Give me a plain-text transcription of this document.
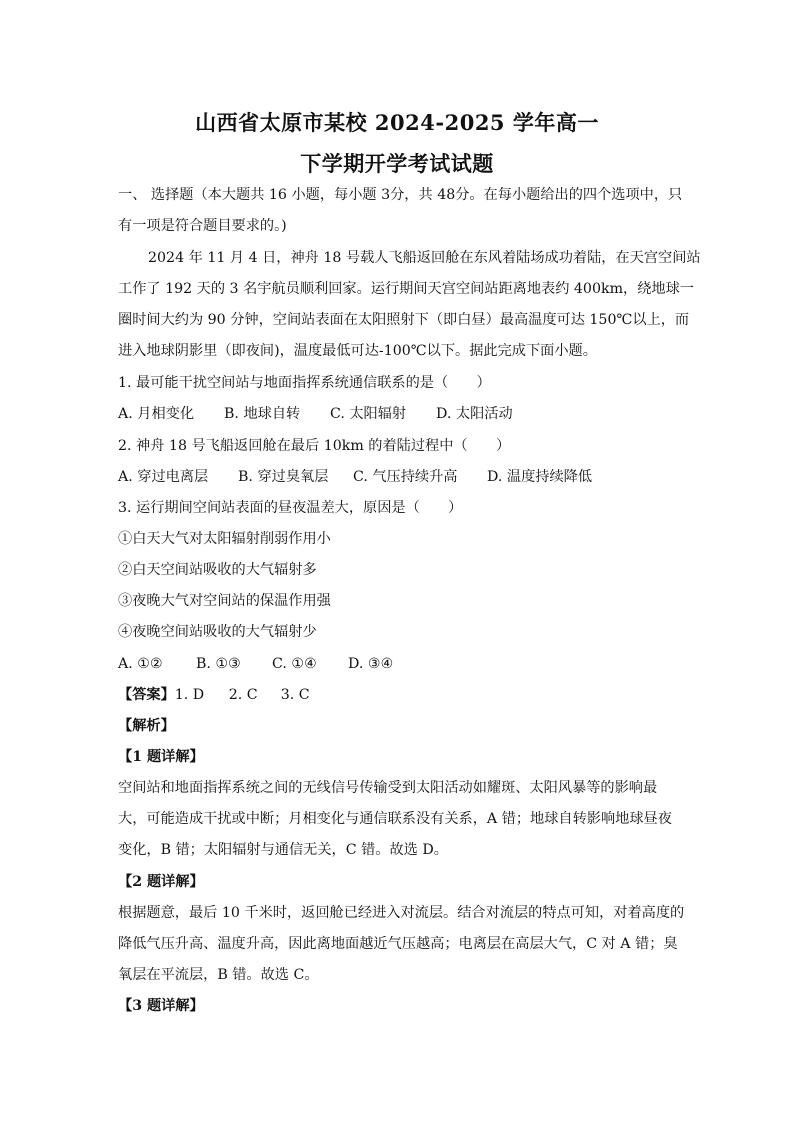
山西省太原市某校 2024-2025 学年高一
下学期开学考试试题
一、 选择题（本大题共 16 小题，每小题 3分，共 48分。在每小题给出的四个选项中，只
有一项是符合题目要求的。)
2024 年 11 月 4 日，神舟 18 号载人飞船返回舱在东风着陆场成功着陆，在天宫空间站
工作了 192 天的 3 名宇航员顺利回家。运行期间天宫空间站距离地表约 400km，绕地球一
圈时间大约为 90 分钟，空间站表面在太阳照射下（即白昼）最高温度可达 150℃以上，而
进入地球阴影里（即夜间)，温度最低可达-100℃以下。据此完成下面小题。
1. 最可能干扰空间站与地面指挥系统通信联系的是（　　）
A. 月相变化 B. 地球自转 C. 太阳辐射 D. 太阳活动
2. 神舟 18 号飞船返回舱在最后 10km 的着陆过程中（　　）
A. 穿过电离层 B. 穿过臭氧层 C. 气压持续升高 D. 温度持续降低
3. 运行期间空间站表面的昼夜温差大，原因是（　　）
①白天大气对太阳辐射削弱作用小
②白天空间站吸收的大气辐射多
③夜晚大气对空间站的保温作用强
④夜晚空间站吸收的大气辐射少
A. ①② B. ①③ C. ①④ D. ③④
【答案】1. D 2. C 3. C
【解析】
【1 题详解】
空间站和地面指挥系统之间的无线信号传输受到太阳活动如耀斑、太阳风暴等的影响最
大，可能造成干扰或中断；月相变化与通信联系没有关系，A 错；地球自转影响地球昼夜
变化，B 错；太阳辐射与通信无关，C 错。故选 D。
【2 题详解】
根据题意，最后 10 千米时，返回舱已经进入对流层。结合对流层的特点可知，对着高度的
降低气压升高、温度升高，因此离地面越近气压越高；电离层在高层大气，C 对 A 错；臭
氧层在平流层，B 错。故选 C。
【3 题详解】
